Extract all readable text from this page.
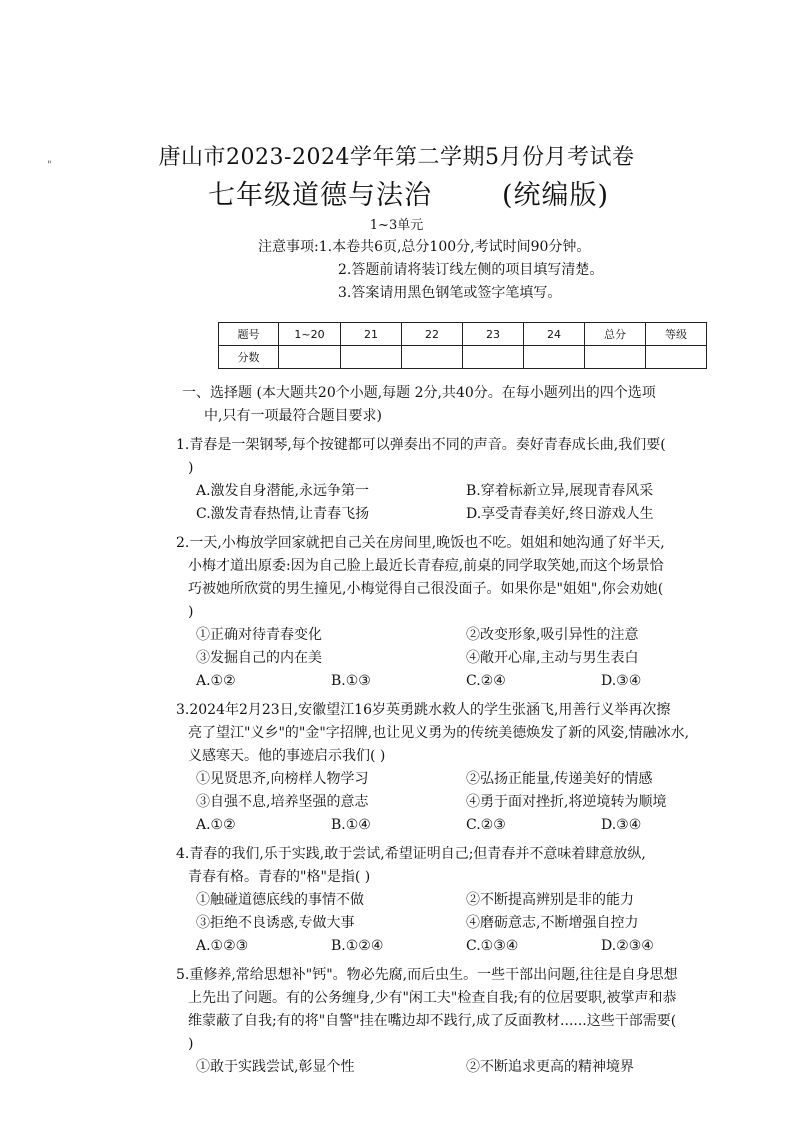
"	唐山市2023-2024学年第二学期5月份月考试卷
七年级道德与法治	(统编版)
1~3单元
注意事项:1.本卷共6页,总分100分,考试时间90分钟。
2.答题前请将装订线左侧的项目填写清楚。
3.答案请用黑色钢笔或签字笔填写。
题号	1~20	21	22	23	24	总分	等级
分数							
一、选择题 (本大题共20个小题,每题 2分,共40分。在每小题列出的四个选项
中,只有一项最符合题目要求)
1.青春是一架钢琴,每个按键都可以弹奏出不同的声音。奏好青春成长曲,我们要(
)
A.激发自身潜能,永远争第一	B.穿着标新立异,展现青春风采
C.激发青春热情,让青春飞扬	D.享受青春美好,终日游戏人生
2.一天,小梅放学回家就把自己关在房间里,晚饭也不吃。姐姐和她沟通了好半天,
小梅才道出原委:因为自己脸上最近长青春痘,前桌的同学取笑她,而这个场景恰
巧被她所欣赏的男生撞见,小梅觉得自己很没面子。如果你是"姐姐",你会劝她(
)
①正确对待青春变化	②改变形象,吸引异性的注意
③发掘自己的内在美	④敞开心扉,主动与男生表白
A.①②	B.①③	C.②④	D.③④
3.2024年2月23日,安徽望江16岁英勇跳水救人的学生张涵飞,用善行义举再次擦
亮了望江"义乡"的"金"字招牌,也让见义勇为的传统美德焕发了新的风姿,情融冰水,
义感寒天。他的事迹启示我们( )
①见贤思齐,向榜样人物学习	②弘扬正能量,传递美好的情感
③自强不息,培养坚强的意志	④勇于面对挫折,将逆境转为顺境
A.①②	B.①④	C.②③	D.③④
4.青春的我们,乐于实践,敢于尝试,希望证明自己;但青春并不意味着肆意放纵,
青春有格。青春的"格"是指( )
①触碰道德底线的事情不做	②不断提高辨别是非的能力
③拒绝不良诱惑,专做大事	④磨砺意志,不断增强自控力
A.①②③	B.①②④	C.①③④	D.②③④
5.重修养,常给思想补"钙"。物必先腐,而后虫生。一些干部出问题,往往是自身思想
上先出了问题。有的公务缠身,少有"闲工夫"检查自我;有的位居要职,被掌声和恭
维蒙蔽了自我;有的将"自警"挂在嘴边却不践行,成了反面教材......这些干部需要(
)
①敢于实践尝试,彰显个性	②不断追求更高的精神境界
